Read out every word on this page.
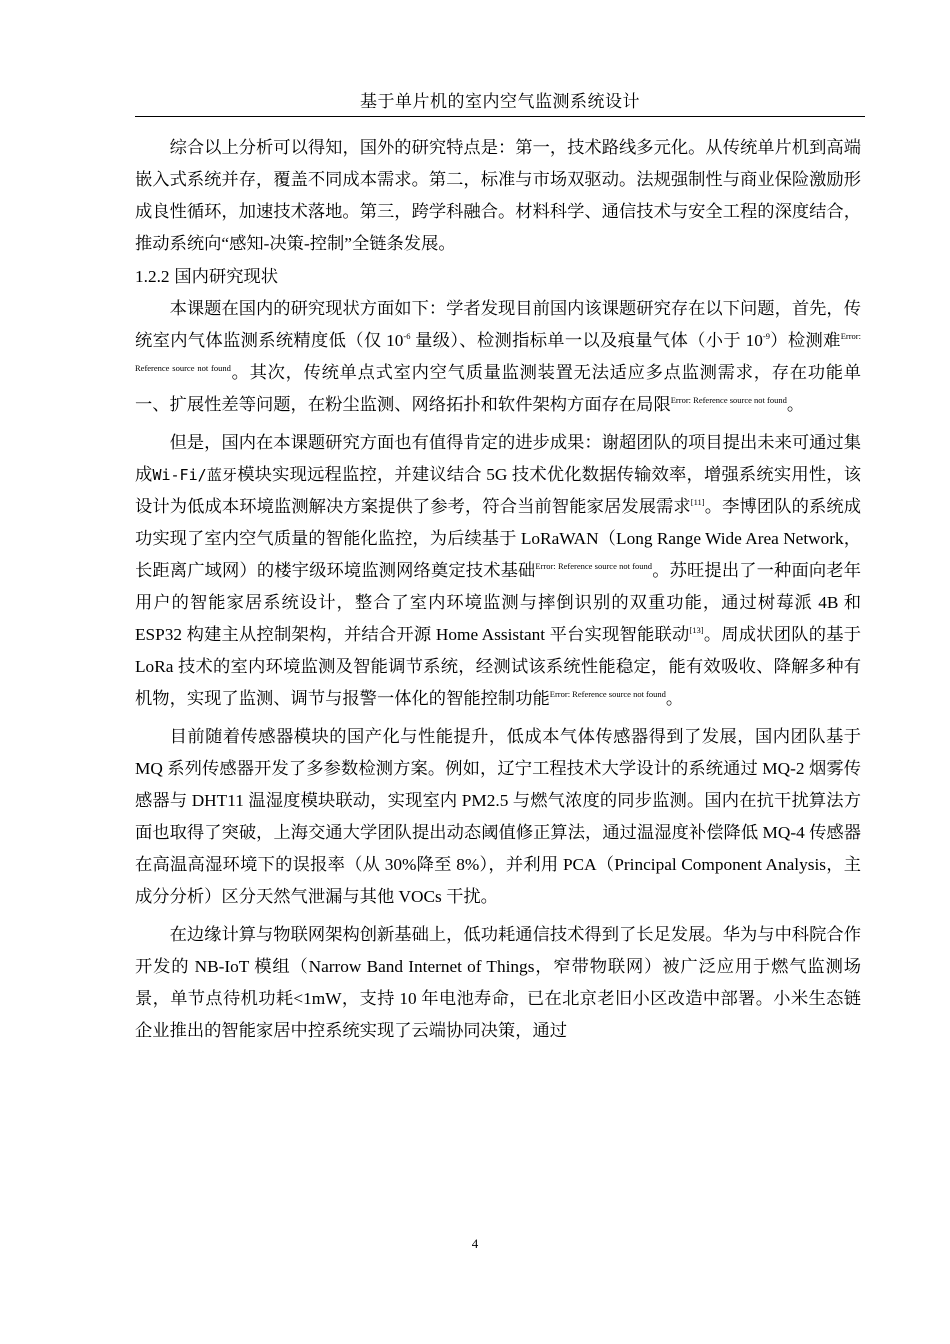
基于单片机的室内空气监测系统设计

综合以上分析可以得知，国外的研究特点是：第一，技术路线多元化。从传统单片机到高端嵌入式系统并存，覆盖不同成本需求。第二，标准与市场双驱动。法规强制性与商业保险激励形成良性循环，加速技术落地。第三，跨学科融合。材料科学、通信技术与安全工程的深度结合，推动系统向“感知-决策-控制”全链条发展。

1.2.2 国内研究现状

本课题在国内的研究现状方面如下：学者发现目前国内该课题研究存在以下问题，首先，传统室内气体监测系统精度低（仅 10$^{-6}$ 量级）、检测指标单一以及痕量气体（小于 10$^{-9}$）检测难$^{Error: Reference source not found}$。其次，传统单点式室内空气质量监测装置无法适应多点监测需求，存在功能单一、扩展性差等问题，在粉尘监测、网络拓扑和软件架构方面存在局限$^{Error: Reference source not found}$。

但是，国内在本课题研究方面也有值得肯定的进步成果：谢超团队的项目提出未来可通过集成Wi-Fi/蓝牙模块实现远程监控，并建议结合 5G 技术优化数据传输效率，增强系统实用性，该设计为低成本环境监测解决方案提供了参考，符合当前智能家居发展需求[11]。李博团队的系统成功实现了室内空气质量的智能化监控，为后续基于 LoRaWAN（Long Range Wide Area Network，长距离广域网）的楼宇级环境监测网络奠定技术基础$^{Error: Reference source not found}$。苏旺提出了一种面向老年用户的智能家居系统设计，整合了室内环境监测与摔倒识别的双重功能，通过树莓派 4B 和 ESP32 构建主从控制架构，并结合开源 Home Assistant 平台实现智能联动[13]。周成状团队的基于 LoRa 技术的室内环境监测及智能调节系统，经测试该系统性能稳定，能有效吸收、降解多种有机物，实现了监测、调节与报警一体化的智能控制功能$^{Error: Reference source not found}$。

目前随着传感器模块的国产化与性能提升，低成本气体传感器得到了发展，国内团队基于 MQ 系列传感器开发了多参数检测方案。例如，辽宁工程技术大学设计的系统通过 MQ-2 烟雾传感器与 DHT11 温湿度模块联动，实现室内 PM2.5 与燃气浓度的同步监测。国内在抗干扰算法方面也取得了突破，上海交通大学团队提出动态阈值修正算法，通过温湿度补偿降低 MQ-4 传感器在高温高湿环境下的误报率（从 30%降至 8%），并利用 PCA（Principal Component Analysis，主成分分析）区分天然气泄漏与其他 VOCs 干扰。

在边缘计算与物联网架构创新基础上，低功耗通信技术得到了长足发展。华为与中科院合作开发的 NB-IoT 模组（Narrow Band Internet of Things，窄带物联网）被广泛应用于燃气监测场景，单节点待机功耗<1mW，支持 10 年电池寿命，已在北京老旧小区改造中部署。小米生态链企业推出的智能家居中控系统实现了云端协同决策，通过

4
